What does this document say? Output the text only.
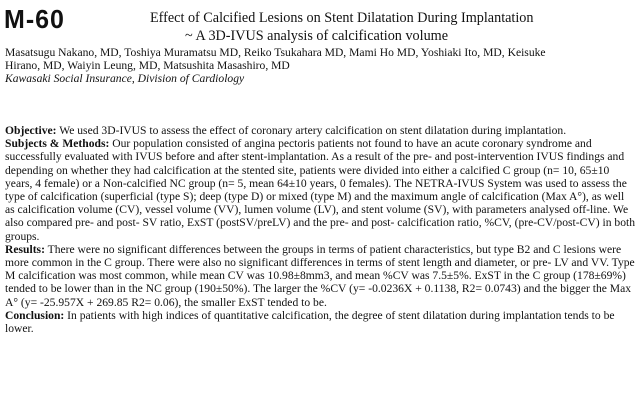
M-60	Effect of Calcified Lesions on Stent Dilatation During Implantation
~ A 3D-IVUS analysis of calcification volume
Masatsugu Nakano, MD, Toshiya Muramatsu MD, Reiko Tsukahara MD, Mami Ho MD, Yoshiaki Ito, MD, Keisuke
Hirano, MD, Waiyin Leung, MD, Matsushita Masashiro, MD
Kawasaki Social Insurance, Division of Cardiology

Objective: We used 3D-IVUS to assess the effect of coronary artery calcification on stent dilatation during implantation.

Subjects & Methods: Our population consisted of angina pectoris patients not found to have an acute coronary syndrome and successfully evaluated with IVUS before and after stent-implantation. As a result of the pre- and post-intervention IVUS findings and depending on whether they had calcification at the stented site, patients were divided into either a calcified C group (n= 10, 65±10 years, 4 female) or a Non-calcified NC group (n= 5, mean 64±10 years, 0 females). The NETRA-IVUS System was used to assess the type of calcification (superficial (type S); deep (type D) or mixed (type M) and the maximum angle of calcification (Max A°), as well as calcification volume (CV), vessel volume (VV), lumen volume (LV), and stent volume (SV), with parameters analysed off-line. We also compared pre- and post- SV ratio, ExST (postSV/preLV) and the pre- and post- calcification ratio, %CV, (pre-CV/post-CV) in both groups.

Results: There were no significant differences between the groups in terms of patient characteristics, but type B2 and C lesions were more common in the C group. There were also no significant differences in terms of stent length and diameter, or pre- LV and VV. Type M calcification was most common, while mean CV was 10.98±8mm3, and mean %CV was 7.5±5%. ExST in the C group (178±69%) tended to be lower than in the NC group (190±50%). The larger the %CV (y= -0.0236X + 0.1138, R2= 0.0743) and the bigger the Max A° (y= -25.957X + 269.85 R2= 0.06), the smaller ExST tended to be.

Conclusion: In patients with high indices of quantitative calcification, the degree of stent dilatation during implantation tends to be lower.
